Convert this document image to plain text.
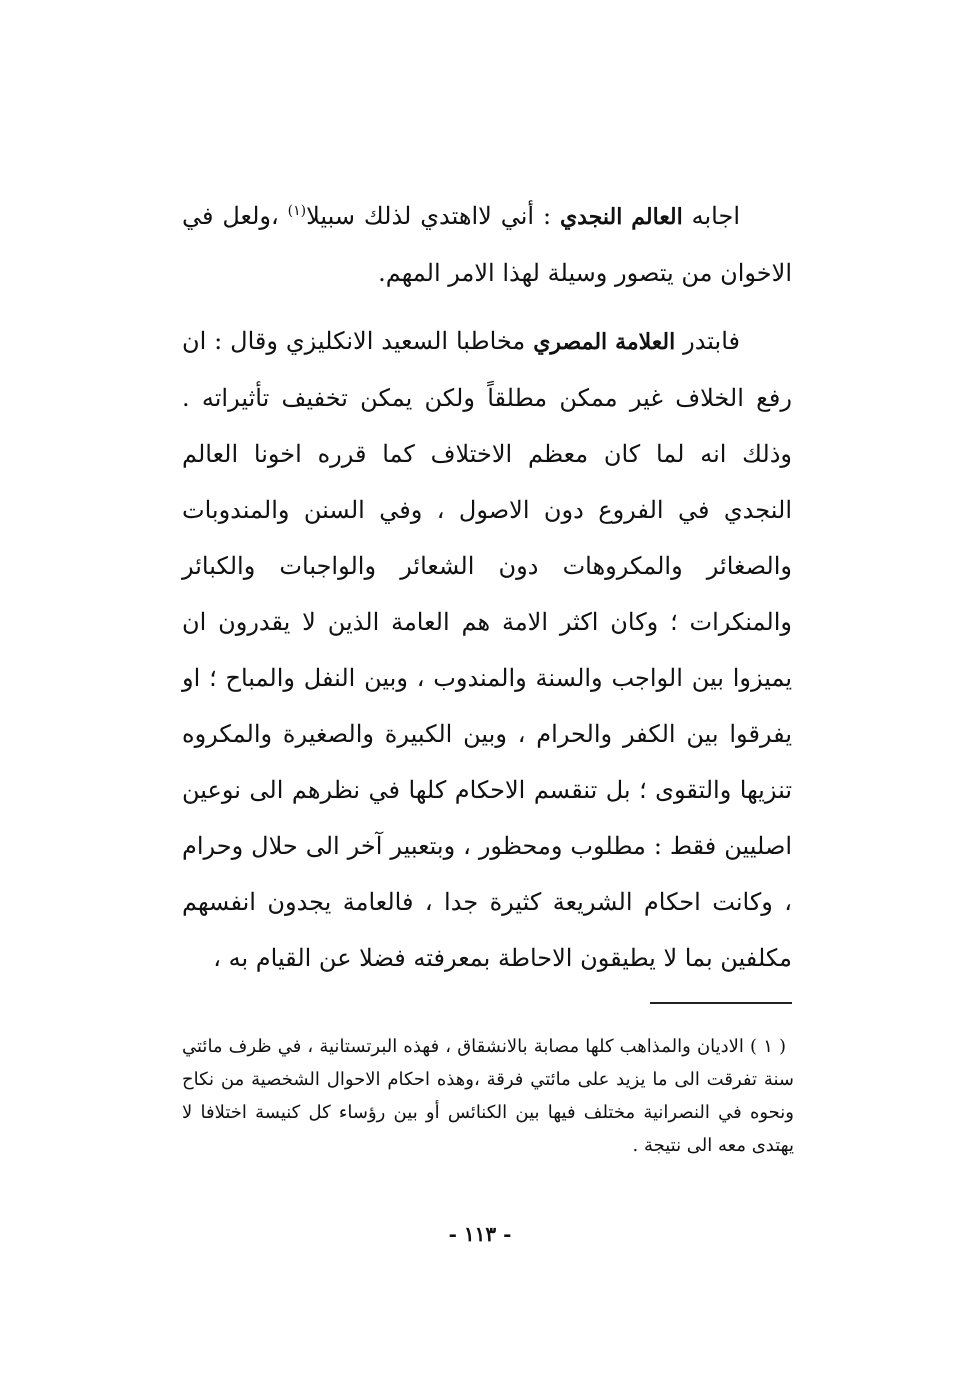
اجابه العالم النجدي : أني لااهتدي لذلك سبيلا$^{(١)}$ ،ولعل في الاخوان من يتصور وسيلة لهذا الامر المهم.

فابتدر العلامة المصري مخاطبا السعيد الانكليزي وقال : ان رفع الخلاف غير ممكن مطلقاً ولكن يمكن تخفيف تأثيراته . وذلك انه لما كان معظم الاختلاف كما قرره اخونا العالم النجدي في الفروع دون الاصول ، وفي السنن والمندوبات والصغائر والمكروهات دون الشعائر والواجبات والكبائر والمنكرات ؛ وكان اكثر الامة هم العامة الذين لا يقدرون ان يميزوا بين الواجب والسنة والمندوب ، وبين النفل والمباح ؛ او يفرقوا بين الكفر والحرام ، وبين الكبيرة والصغيرة والمكروه تنزيها والتقوى ؛ بل تنقسم الاحكام كلها في نظرهم الى نوعين اصليين فقط : مطلوب ومحظور ، وبتعبير آخر الى حلال وحرام ، وكانت احكام الشريعة كثيرة جدا ، فالعامة يجدون انفسهم مكلفين بما لا يطيقون الاحاطة بمعرفته فضلا عن القيام به ،

( ١ ) الاديان والمذاهب كلها مصابة بالانشقاق ، فهذه البرتستانية ، في ظرف مائتي سنة تفرقت الى ما يزيد على مائتي فرقة ،وهذه احكام الاحوال الشخصية من نكاح ونحوه في النصرانية مختلف فيها بين الكنائس أو بين رؤساء كل كنيسة اختلافا لا يهتدى معه الى نتيجة .

- ١١٣ -
